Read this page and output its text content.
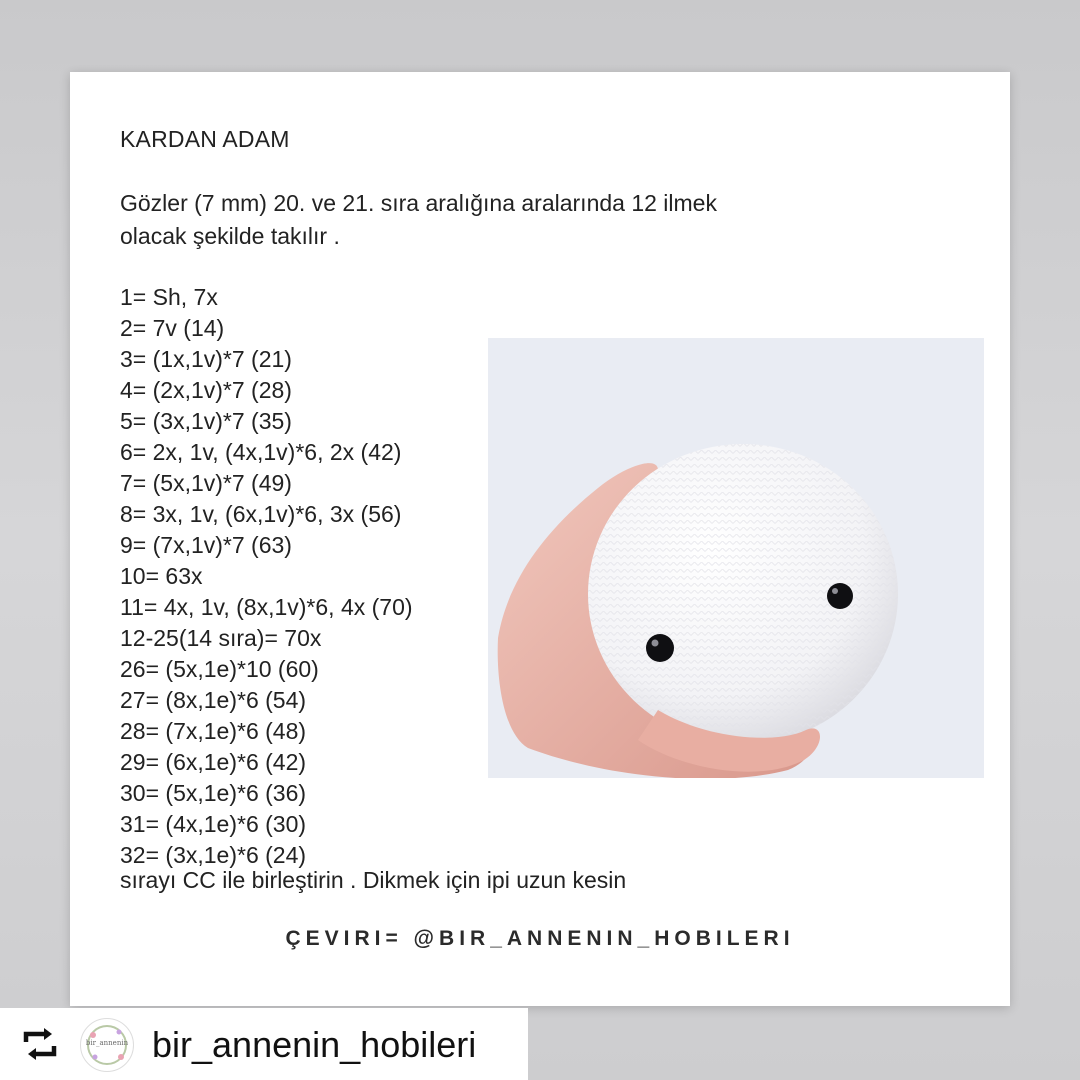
KARDAN ADAM
Gözler (7 mm) 20. ve 21. sıra aralığına aralarında 12 ilmek
olacak şekilde takılır .
1= Sh, 7x
2= 7v (14)
3= (1x,1v)*7 (21)
4= (2x,1v)*7 (28)
5= (3x,1v)*7 (35)
6= 2x, 1v, (4x,1v)*6, 2x (42)
7= (5x,1v)*7 (49)
8= 3x, 1v, (6x,1v)*6, 3x (56)
9= (7x,1v)*7 (63)
10= 63x
11= 4x, 1v, (8x,1v)*6, 4x (70)
12-25(14 sıra)= 70x
26= (5x,1e)*10 (60)
27= (8x,1e)*6 (54)
28= (7x,1e)*6 (48)
29= (6x,1e)*6 (42)
30= (5x,1e)*6 (36)
31= (4x,1e)*6 (30)
32= (3x,1e)*6 (24)
sırayı CC ile birleştirin . Dikmek için ipi uzun kesin
ÇEVIRI= @BIR_ANNENIN_HOBILERI
bir_annenin bir_annenin_hobileri
